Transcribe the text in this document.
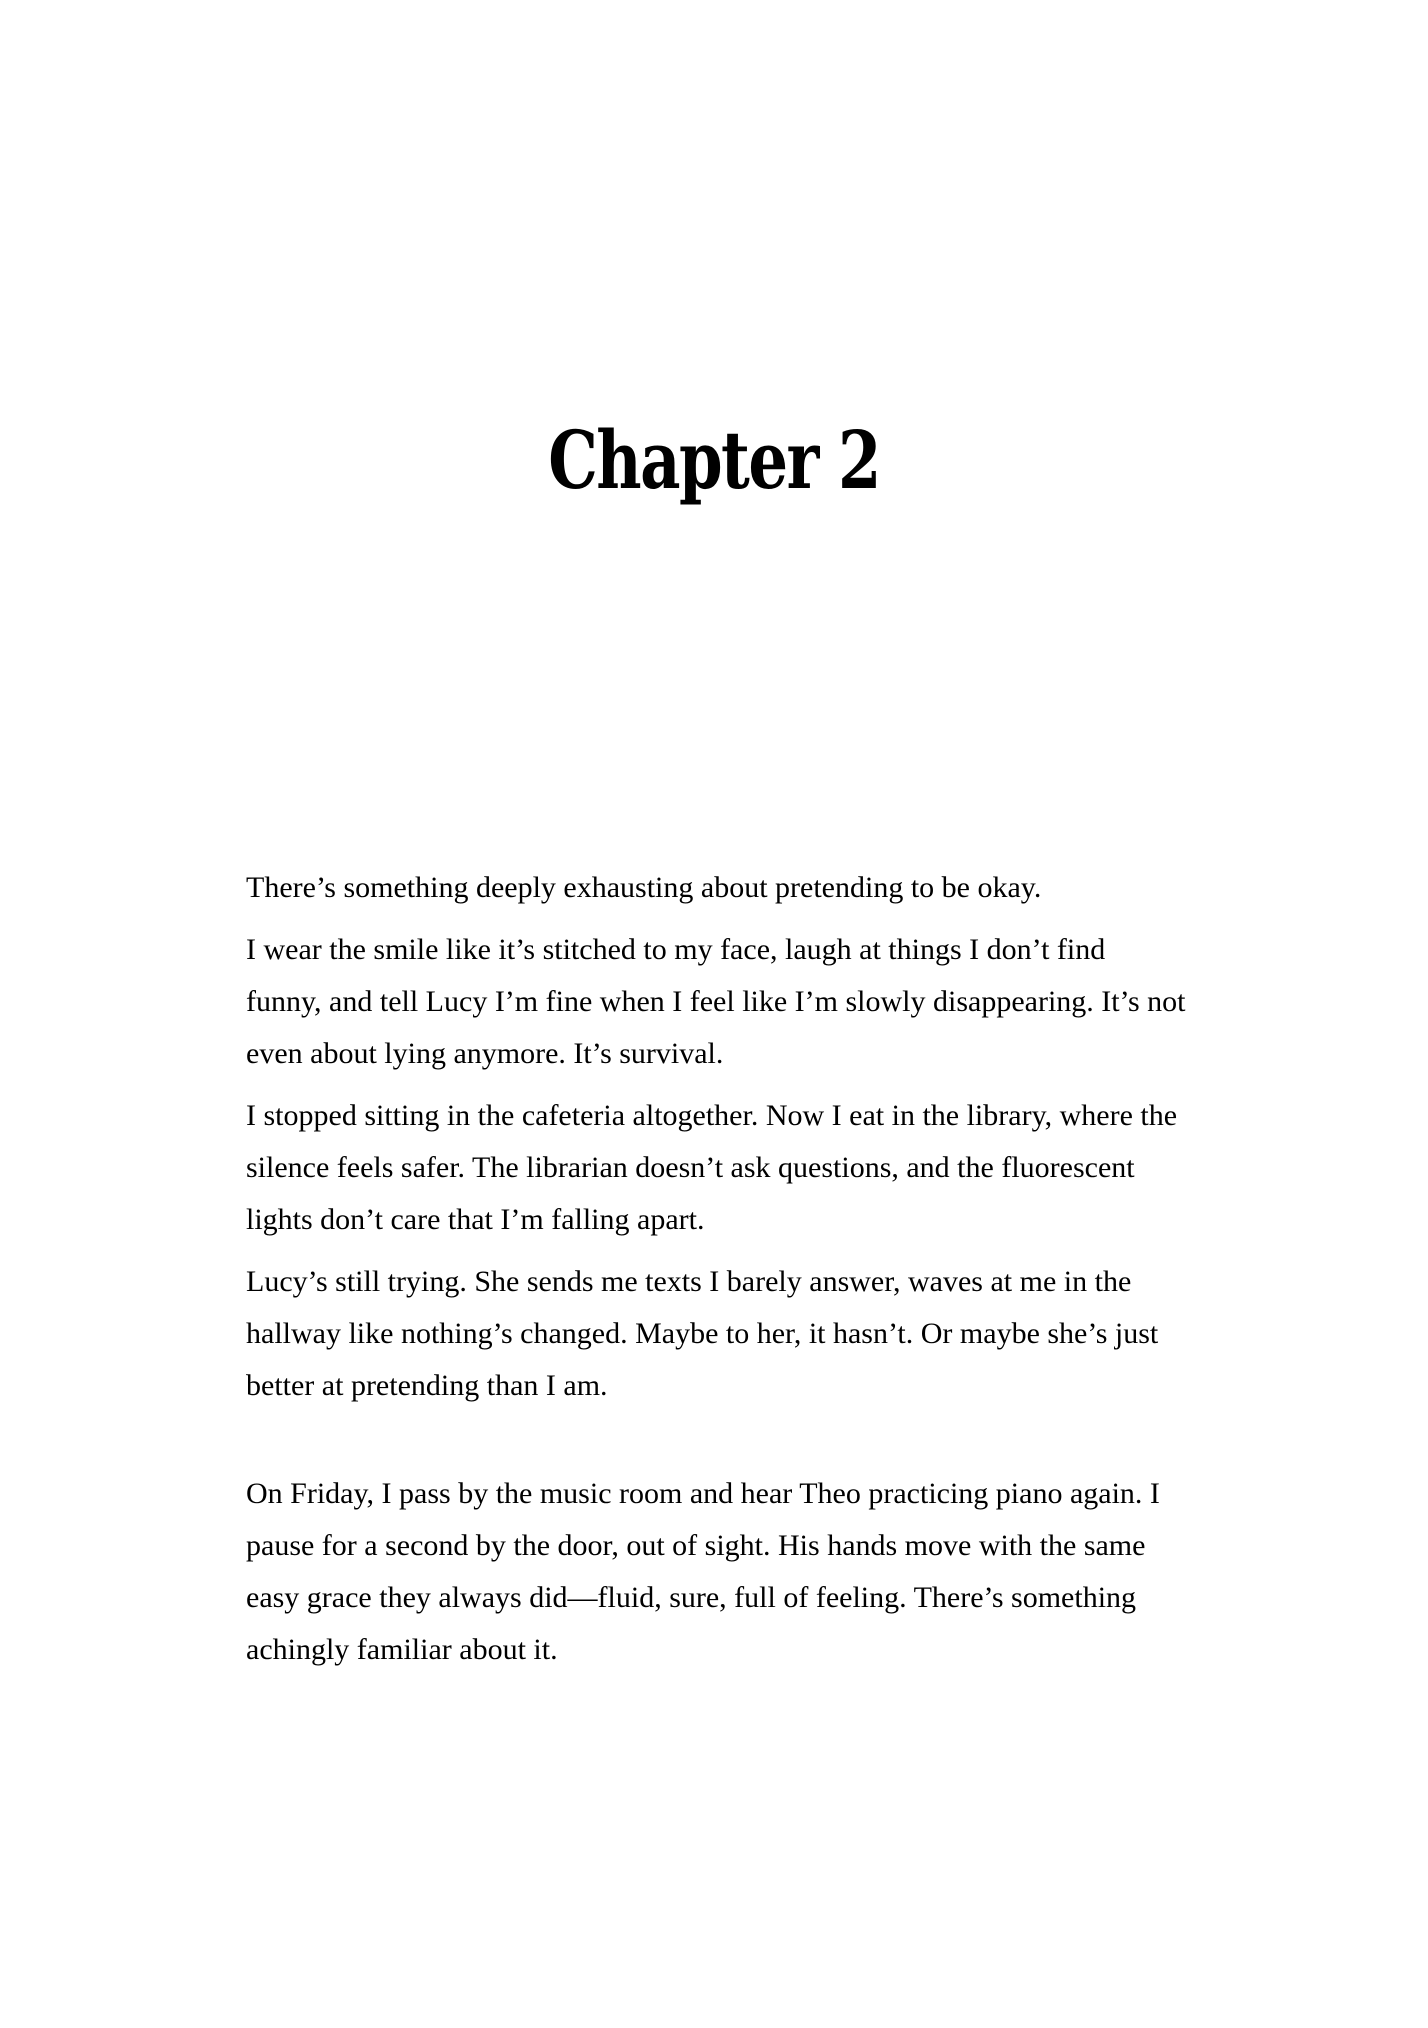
Chapter 2

There’s something deeply exhausting about pretending to be okay.

I wear the smile like it’s stitched to my face, laugh at things I don’t find funny, and tell Lucy I’m fine when I feel like I’m slowly disappearing. It’s not even about lying anymore. It’s survival.

I stopped sitting in the cafeteria altogether. Now I eat in the library, where the silence feels safer. The librarian doesn’t ask questions, and the fluorescent lights don’t care that I’m falling apart.

Lucy’s still trying. She sends me texts I barely answer, waves at me in the hallway like nothing’s changed. Maybe to her, it hasn’t. Or maybe she’s just better at pretending than I am.

On Friday, I pass by the music room and hear Theo practicing piano again. I pause for a second by the door, out of sight. His hands move with the same easy grace they always did—fluid, sure, full of feeling. There’s something achingly familiar about it.
